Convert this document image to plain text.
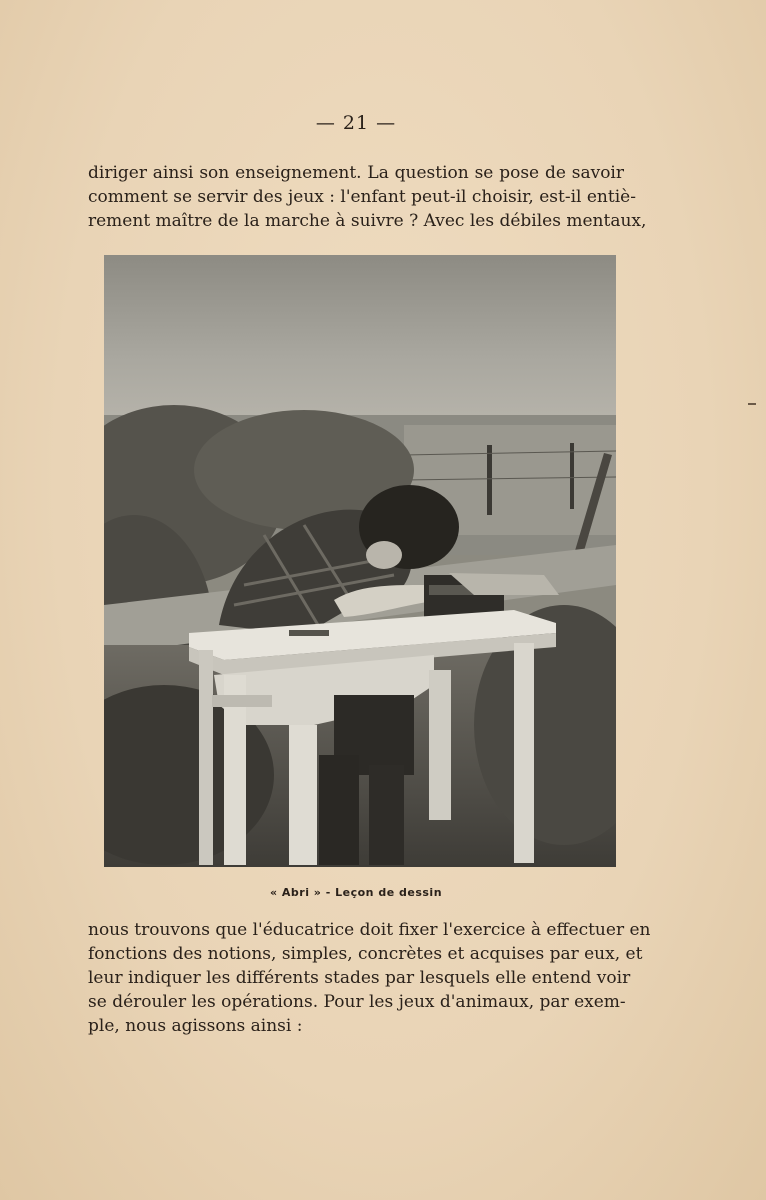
— 21 —
diriger ainsi son enseignement. La question se pose de savoir
comment se servir des jeux : l'enfant peut-il choisir, est-il entiè-
rement maître de la marche à suivre ? Avec les débiles mentaux,
« Abri » - Leçon de dessin
nous trouvons que l'éducatrice doit fixer l'exercice à effectuer en
fonctions des notions, simples, concrètes et acquises par eux, et
leur indiquer les différents stades par lesquels elle entend voir
se dérouler les opérations. Pour les jeux d'animaux, par exem-
ple, nous agissons ainsi :
